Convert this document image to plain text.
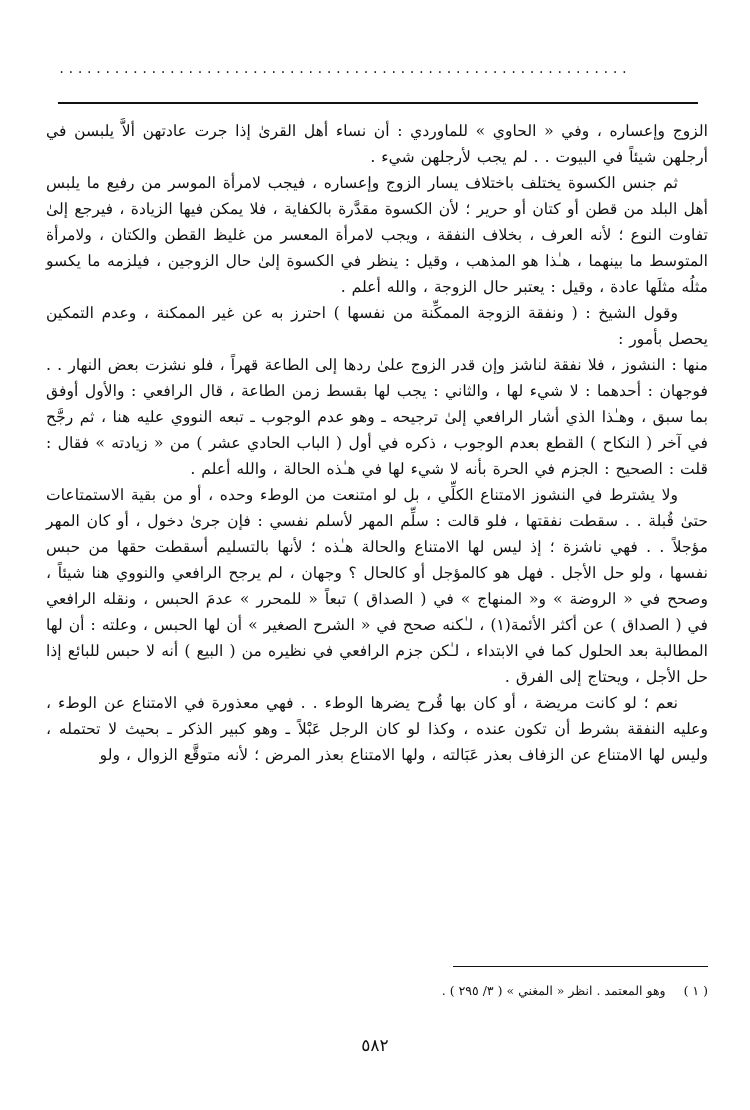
..............................................................

الزوج وإعساره ، وفي « الحاوي » للماوردي : أن نساء أهل القرىٰ إذا جرت عادتهن ألاَّ يلبسن في أرجلهن شيئاً في البيوت . . لم يجب لأرجلهن شيء .

ثم جنس الكسوة يختلف باختلاف يسار الزوج وإعساره ، فيجب لامرأة الموسر من رفيع ما يلبس أهل البلد من قطن أو كتان أو حرير ؛ لأن الكسوة مقدَّرة بالكفاية ، فلا يمكن فيها الزيادة ، فيرجع إلىٰ تفاوت النوع ؛ لأنه العرف ، بخلاف النفقة ، ويجب لامرأة المعسر من غليظ القطن والكتان ، ولامرأة المتوسط ما بينهما ، هـٰذا هو المذهب ، وقيل : ينظر في الكسوة إلىٰ حال الزوجين ، فيلزمه ما يكسو مثلُه مثلَها عادة ، وقيل : يعتبر حال الزوجة ، والله أعلم .

وقول الشيخ : ( ونفقة الزوجة الممكِّنة من نفسها ) احترز به عن غير الممكنة ، وعدم التمكين يحصل بأمور :

منها : النشوز ، فلا نفقة لناشز وإن قدر الزوج علىٰ ردها إلى الطاعة قهراً ، فلو نشزت بعض النهار . . فوجهان : أحدهما : لا شيء لها ، والثاني : يجب لها بقسط زمن الطاعة ، قال الرافعي : والأول أوفق بما سبق ، وهـٰذا الذي أشار الرافعي إلىٰ ترجيحه ـ وهو عدم الوجوب ـ تبعه النووي عليه هنا ، ثم رجَّح في آخر ( النكاح ) القطع بعدم الوجوب ، ذكره في أول ( الباب الحادي عشر ) من « زيادته » فقال : قلت : الصحيح : الجزم في الحرة بأنه لا شيء لها في هـٰذه الحالة ، والله أعلم .

ولا يشترط في النشوز الامتناع الكلِّي ، بل لو امتنعت من الوطء وحده ، أو من بقية الاستمتاعات حتىٰ قُبلة . . سقطت نفقتها ، فلو قالت : سلِّم المهر لأسلم نفسي : فإن جرىٰ دخول ، أو كان المهر مؤجلاً . . فهي ناشزة ؛ إذ ليس لها الامتناع والحالة هـٰذه ؛ لأنها بالتسليم أسقطت حقها من حبس نفسها ، ولو حل الأجل . فهل هو كالمؤجل أو كالحال ؟ وجهان ، لم يرجح الرافعي والنووي هنا شيئاً ، وصحح في « الروضة » و« المنهاج » في ( الصداق ) تبعاً « للمحرر » عدمَ الحبس ، ونقله الرافعي في ( الصداق ) عن أكثر الأئمة(١) ، لـٰكنه صحح في « الشرح الصغير » أن لها الحبس ، وعلته : أن لها المطالبة بعد الحلول كما في الابتداء ، لـٰكن جزم الرافعي في نظيره من ( البيع ) أنه لا حبس للبائع إذا حل الأجل ، ويحتاج إلى الفرق .

نعم ؛ لو كانت مريضة ، أو كان بها قُرح يضرها الوطء . . فهي معذورة في الامتناع عن الوطء ، وعليه النفقة بشرط أن تكون عنده ، وكذا لو كان الرجل عَبْلاً ـ وهو كبير الذكر ـ بحيث لا تحتمله ، وليس لها الامتناع عن الزفاف بعذر عَبَالته ، ولها الامتناع بعذر المرض ؛ لأنه متوقَّع الزوال ، ولو

( ١ ) وهو المعتمد . انظر « المغني » ( ٣/ ٢٩٥ ) .
٥٨٢
